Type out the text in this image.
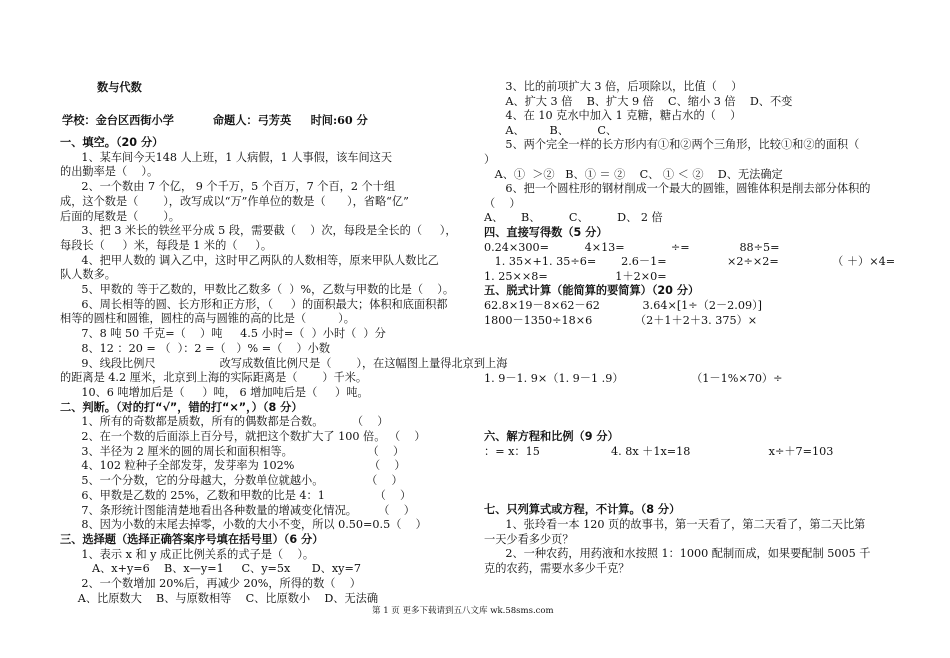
数与代数
学校：金台区西街小学          命题人：弓芳英     时间:60 分
一、填空。（20 分）
1、某车间今天148 人上班，1 人病假，1 人事假，该车间这天
的出勤率是（    ）。
2、一个数由 7 个亿， 9 个千万，5 个百万，7 个百，2 个十组
成，这个数是（       ），改写成以“万”作单位的数是（      ），省略“亿”
后面的尾数是（       ）。
3、把 3 米长的铁丝平分成 5 段，需要截（    ）次，每段是全长的（     ），
每段长（     ）米，每段是 1 米的（     ）。
4、把甲人数的 调入乙中，这时甲乙两队的人数相等，原来甲队人数比乙
队人数多。
5、甲数的 等于乙数的，甲数比乙数多（  ）%，乙数与甲数的比是（    ）。
6、周长相等的圆、长方形和正方形，（     ）的面积最大；体积和底面积都
相等的圆柱和圆锥，圆柱的高与圆锥的高的比是（         ）。
7、8 吨 50 千克=（    ）吨     4.5 小时=（  ）小时（  ）分
8、12 ：20 = （  ）：2 =（   ）% =（    ）小数
9、线段比例尺                  改写成数值比例尺是（       ），在这幅图上量得北京到上海
的距离是 4.2 厘米，北京到上海的实际距离是（       ）千米。
10、6 吨增加后是（     ）吨， 6 增加吨后是（     ）吨。
二、判断。（对的打“√”，错的打“×”，）（8 分）
1、所有的奇数都是质数，所有的偶数都是合数。        （    ）
2、在一个数的后面添上百分号，就把这个数扩大了 100 倍。 （    ）
3、半径为 2 厘米的圆的周长和面积相等。                     （    ）
4、102 粒种子全部发芽，发芽率为 102%                     （    ）
5、一个分数，它的分母越大，分数单位就越小。            （    ）
6、甲数是乙数的 25%，乙数和甲数的比是 4：1              （    ）
7、条形统计图能清楚地看出各种数量的增减变化情况。      （    ）
8、因为小数的末尾去掉零，小数的大小不变，所以 0.50=0.5（    ）
三、选择题（选择正确答案序号填在括号里）（6 分）
1、表示 x 和 y 成正比例关系的式子是（    ）。
A、x+y=6    B、x—y=1     C、y=5x      D、xy=7
2、一个数增加 20%后，再减少 20%，所得的数（    ）
A、比原数大    B、与原数相等    C、比原数小    D、无法确
3、比的前项扩大 3 倍，后项除以，比值（    ）
A、扩大 3 倍    B、扩大 9 倍    C、缩小 3 倍    D、不变
4、在 10 克水中加入 1 克糖，糖占水的（    ）
A、       B、        C、
5、两个完全一样的长方形内有①和②两个三角形，比较①和②的面积（
）
A、①  ＞②   B、① ＝ ②    C、 ① ＜ ②    D、无法确定
6、把一个圆柱形的钢材削成一个最大的圆锥，圆锥体积是削去部分体积的
（    ）
A、     B、        C、        D、 2 倍
四、直接写得数（5 分）
0.24×300=          4×13=             ÷=              88÷5=
1. 35×+1. 35÷6=       2.6－1=                 ×2÷×2=               （ ＋）×4=
1. 25××8=                   1＋2×0=
五、脱式计算（能简算的要简算）（20 分）
62.8×19－8×62－62            3.64×[1÷（2－2.09）]
1800－1350÷18×6            （2＋1＋2＋3. 375）×

1. 9－1. 9×（1. 9－1 .9）                   （1－1%×70）÷

六、解方程和比例（9 分）
：= x：15                    4. 8x ＋1x=18                      x÷＋7=103

七、只列算式或方程，不计算。（8 分）
1、张玲看一本 120 页的故事书，第一天看了，第二天看了，第二天比第
一天少看多少页？
2、一种农药，用药液和水按照 1：1000 配制而成，如果要配制 5005 千
克的农药，需要水多少千克？
第 1 页 更多下载请到五八文库 wk.58sms.com
